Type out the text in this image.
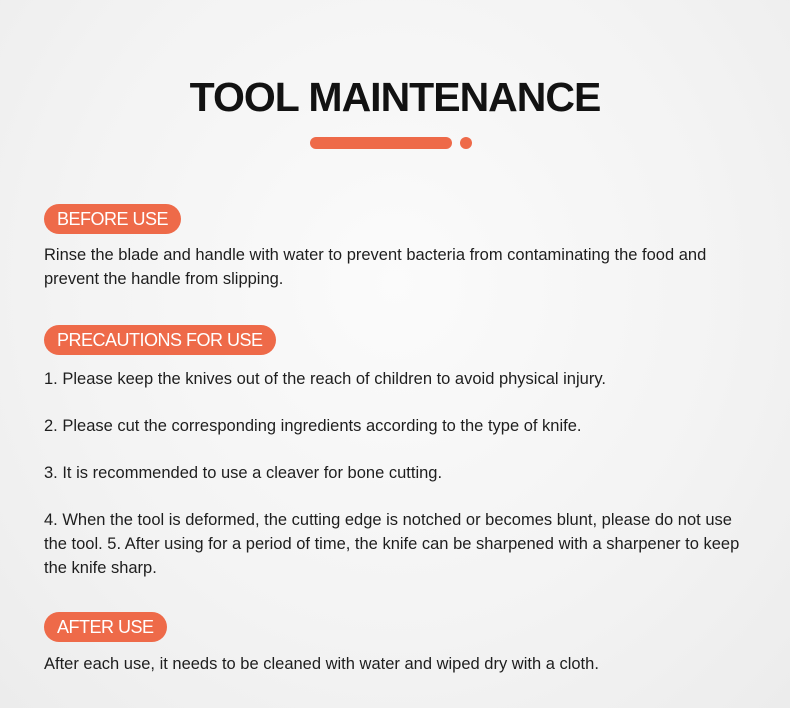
TOOL MAINTENANCE
BEFORE USE

Rinse the blade and handle with water to prevent bacteria from contaminating the food and prevent the handle from slipping.

PRECAUTIONS FOR USE

1. Please keep the knives out of the reach of children to avoid physical injury.

2. Please cut the corresponding ingredients according to the type of knife.

3. It is recommended to use a cleaver for bone cutting.

4. When the tool is deformed, the cutting edge is notched or becomes blunt, please do not use the tool. 5. After using for a period of time, the knife can be sharpened with a sharpener to keep the knife sharp.

AFTER USE

After each use, it needs to be cleaned with water and wiped dry with a cloth.
